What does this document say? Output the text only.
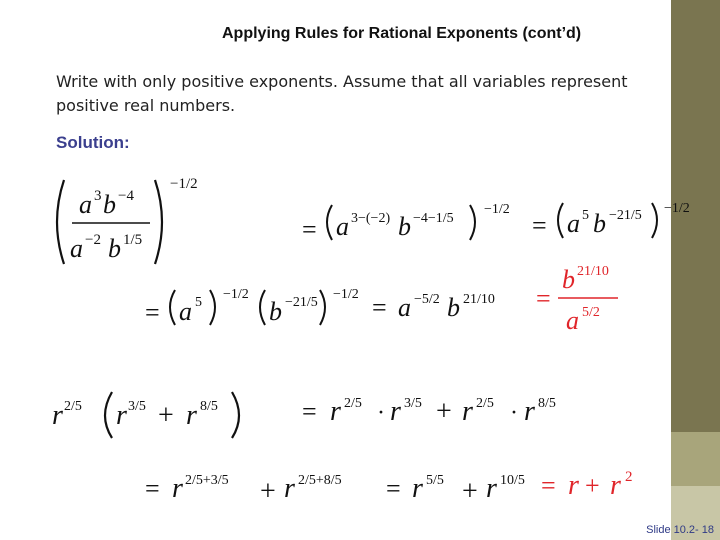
Applying Rules for Rational Exponents (cont’d)
Write with only positive exponents. Assume that all variables represent positive real numbers.
Solution:
a 3 b −4
a −2 b 1/5
−1/2
= a 3−(−2) b −4−1/5
−1/2
= a 5 b −21/5 −1/2
= a 5
−1/2
b −21/5
−1/2 = a −5/2 b 21/10
b 21/10
=
a 5/2
r 2/5 r 3/5 + r 8/5	= r 2/5 · r 3/5 + r 2/5 · r 8/5
= r 2/5+3/5 + r 2/5+8/5 = r 5/5 + r 10/5 = r + r 2
Slide 10.2- 18
